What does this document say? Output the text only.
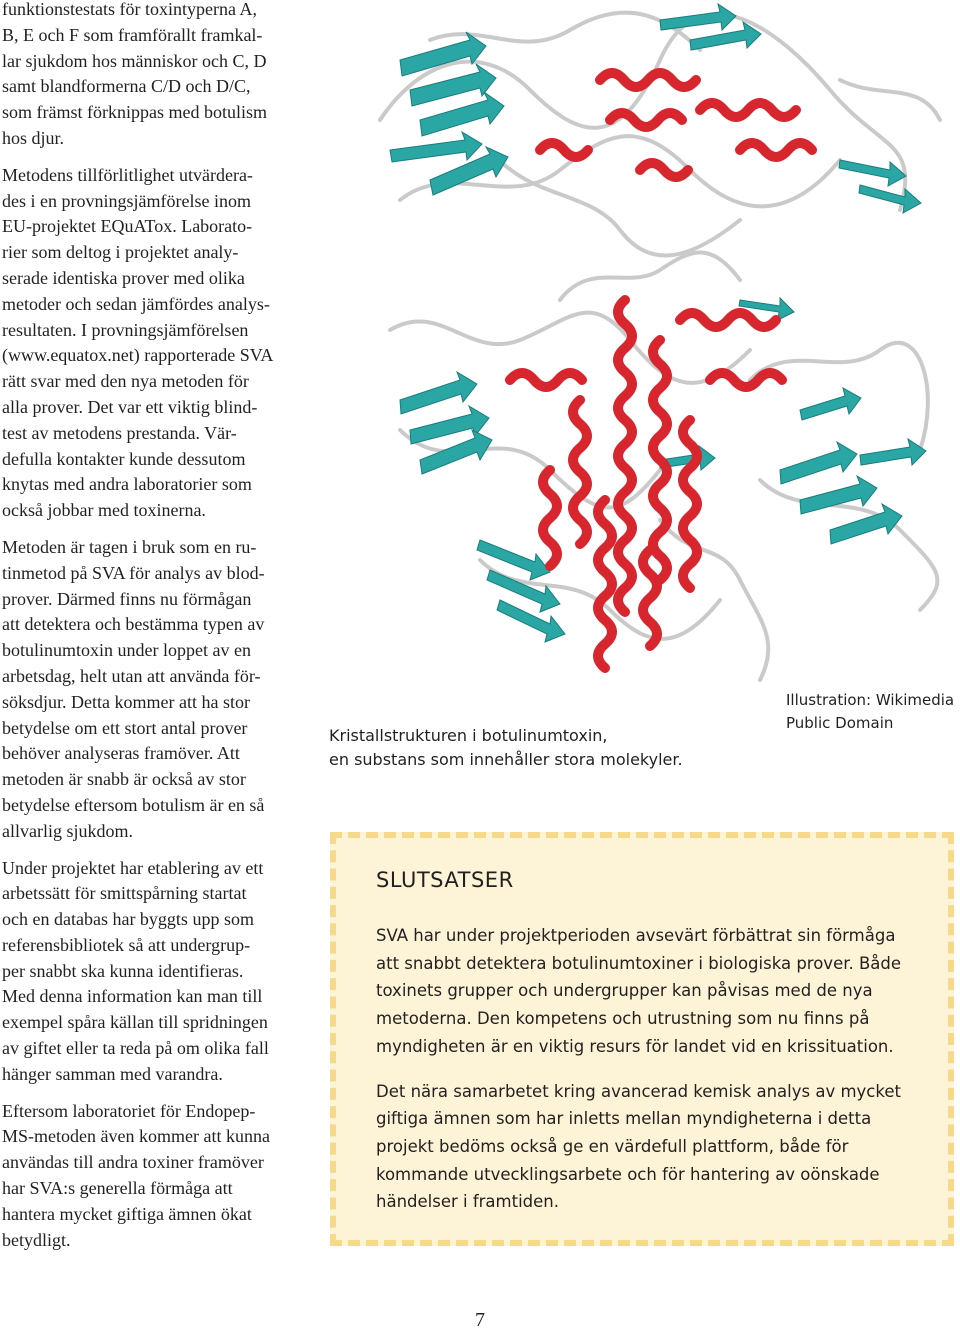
funktionstestats för toxintyperna A,
B, E och F som framförallt framkal-
lar sjukdom hos människor och C, D
samt blandformerna C/D och D/C,
som främst förknippas med botulism
hos djur.

Metodens tillförlitlighet utvärdera-
des i en provningsjämförelse inom
EU-projektet EQuATox. Laborato-
rier som deltog i projektet analy-
serade identiska prover med olika
metoder och sedan jämfördes analys-
resultaten. I provningsjämförelsen
(www.equatox.net) rapporterade SVA
rätt svar med den nya metoden för
alla prover. Det var ett viktig blind-
test av metodens prestanda. Vär-
defulla kontakter kunde dessutom
knytas med andra laboratorier som
också jobbar med toxinerna.

Metoden är tagen i bruk som en ru-
tinmetod på SVA för analys av blod-
prover. Därmed finns nu förmågan
att detektera och bestämma typen av
botulinumtoxin under loppet av en
arbetsdag, helt utan att använda för-
söksdjur. Detta kommer att ha stor
betydelse om ett stort antal prover
behöver analyseras framöver. Att
metoden är snabb är också av stor
betydelse eftersom botulism är en så
allvarlig sjukdom.

Under projektet har etablering av ett
arbetssätt för smittspårning startat
och en databas har byggts upp som
referensbibliotek så att undergrup-
per snabbt ska kunna identifieras.
Med denna information kan man till
exempel spåra källan till spridningen
av giftet eller ta reda på om olika fall
hänger samman med varandra.

Eftersom laboratoriet för Endopep-
MS-metoden även kommer att kunna
användas till andra toxiner framöver
har SVA:s generella förmåga att
hantera mycket giftiga ämnen ökat
betydligt.

Illustration: Wikimedia
Public Domain
Kristallstrukturen i botulinumtoxin,
en substans som innehåller stora molekyler.
SLUTSATSER

SVA har under projektperioden avsevärt förbättrat sin förmåga att snabbt detektera botulinumtoxiner i biologiska prover. Både toxinets grupper och undergrupper kan påvisas med de nya metoderna. Den kompetens och utrustning som nu finns på myndigheten är en viktig resurs för landet vid en krissituation.

Det nära samarbetet kring avancerad kemisk analys av mycket giftiga ämnen som har inletts mellan myndigheterna i detta projekt bedöms också ge en värdefull plattform, både för kommande utvecklingsarbete och för hantering av oönskade händelser i framtiden.

7
